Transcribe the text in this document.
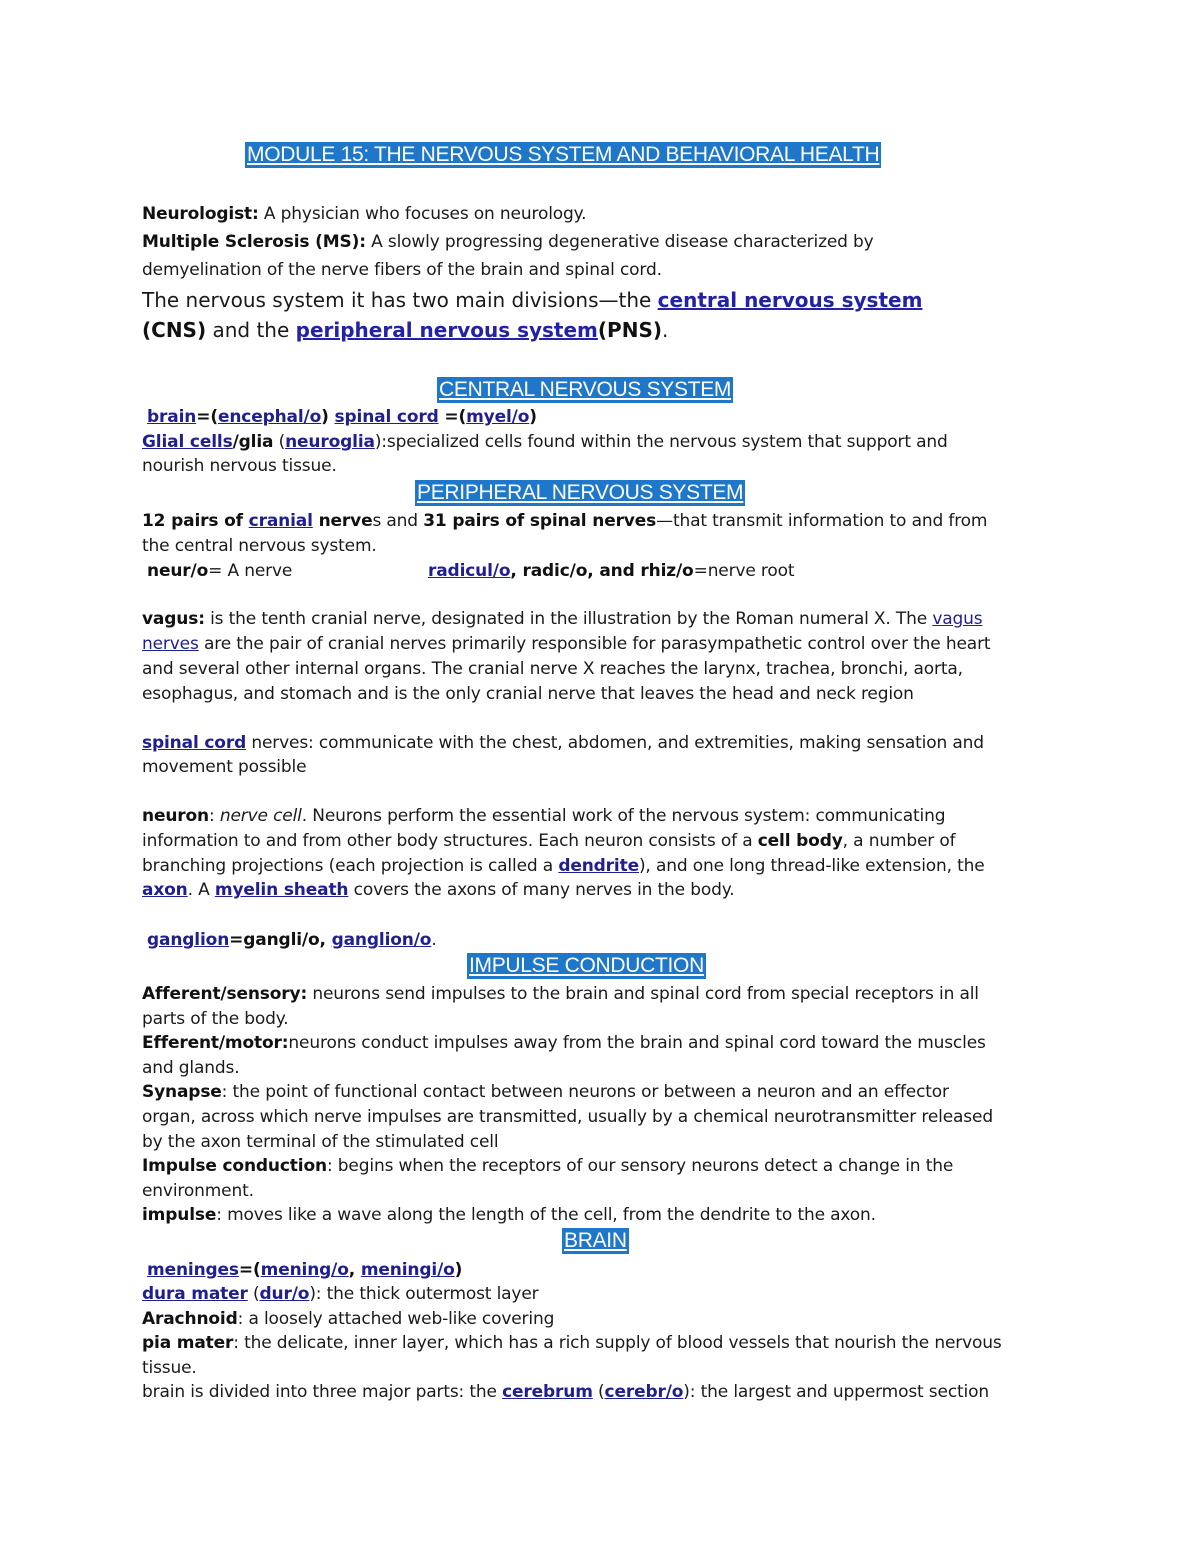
MODULE 15: THE NERVOUS SYSTEM AND BEHAVIORAL HEALTH
Neurologist: A physician who focuses on neurology.
Multiple Sclerosis (MS): A slowly progressing degenerative disease characterized by
demyelination of the nerve fibers of the brain and spinal cord.
The nervous system it has two main divisions—the central nervous system
(CNS) and the peripheral nervous system(PNS).
CENTRAL NERVOUS SYSTEM
brain=(encephal/o) spinal cord =(myel/o)
Glial cells/glia (neuroglia):specialized cells found within the nervous system that support and
nourish nervous tissue.
PERIPHERAL NERVOUS SYSTEM
12 pairs of cranial nerves and 31 pairs of spinal nerves—that transmit information to and from
the central nervous system.
neur/o= A nerve	radicul/o, radic/o, and rhiz/o=nerve root
vagus: is the tenth cranial nerve, designated in the illustration by the Roman numeral X. The vagus
nerves are the pair of cranial nerves primarily responsible for parasympathetic control over the heart
and several other internal organs. The cranial nerve X reaches the larynx, trachea, bronchi, aorta,
esophagus, and stomach and is the only cranial nerve that leaves the head and neck region
spinal cord nerves: communicate with the chest, abdomen, and extremities, making sensation and
movement possible
neuron: nerve cell. Neurons perform the essential work of the nervous system: communicating
information to and from other body structures. Each neuron consists of a cell body, a number of
branching projections (each projection is called a dendrite), and one long thread-like extension, the
axon. A myelin sheath covers the axons of many nerves in the body.
ganglion=gangli/o, ganglion/o.
IMPULSE CONDUCTION
Afferent/sensory: neurons send impulses to the brain and spinal cord from special receptors in all
parts of the body.
Efferent/motor:neurons conduct impulses away from the brain and spinal cord toward the muscles
and glands.
Synapse: the point of functional contact between neurons or between a neuron and an effector
organ, across which nerve impulses are transmitted, usually by a chemical neurotransmitter released
by the axon terminal of the stimulated cell
Impulse conduction: begins when the receptors of our sensory neurons detect a change in the
environment.
impulse: moves like a wave along the length of the cell, from the dendrite to the axon.
BRAIN
meninges=(mening/o, meningi/o)
dura mater (dur/o): the thick outermost layer
Arachnoid: a loosely attached web-like covering
pia mater: the delicate, inner layer, which has a rich supply of blood vessels that nourish the nervous
tissue.
brain is divided into three major parts: the cerebrum (cerebr/o): the largest and uppermost section
